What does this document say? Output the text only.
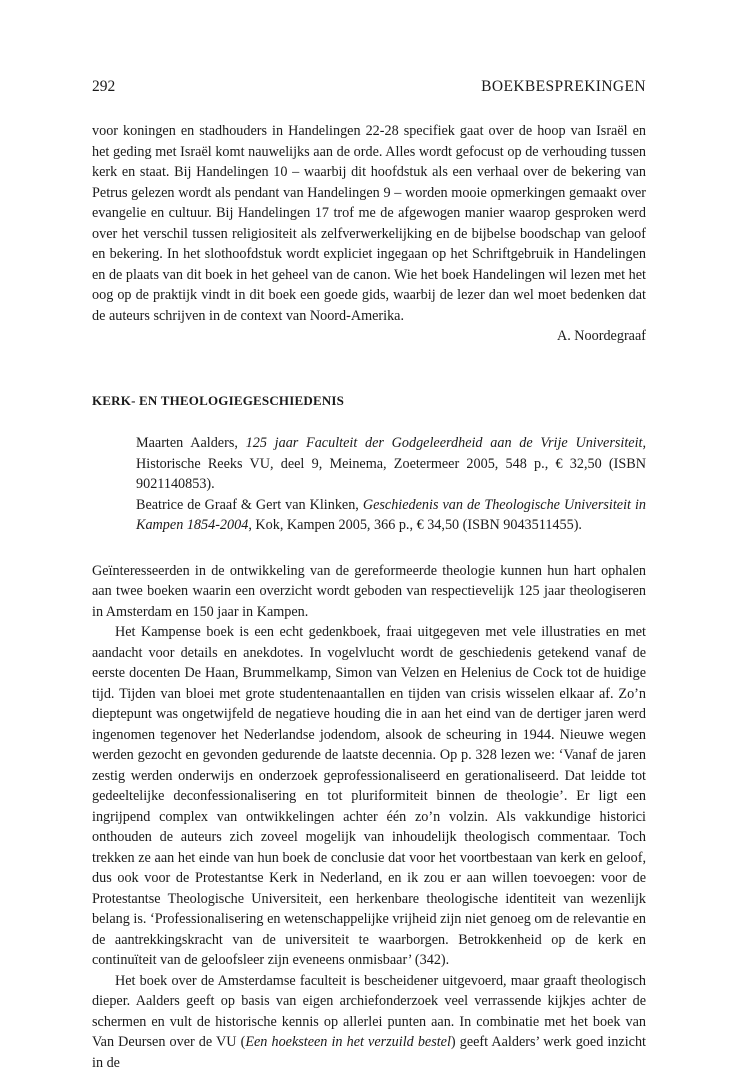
292	BOEKBESPREKINGEN

voor koningen en stadhouders in Handelingen 22-28 specifiek gaat over de hoop van Israël en het geding met Israël komt nauwelijks aan de orde. Alles wordt gefocust op de verhouding tussen kerk en staat. Bij Handelingen 10 – waarbij dit hoofdstuk als een verhaal over de bekering van Petrus gelezen wordt als pendant van Handelingen 9 – worden mooie opmerkingen gemaakt over evangelie en cultuur. Bij Handelingen 17 trof me de afgewogen manier waarop gesproken werd over het verschil tussen religiositeit als zelfverwerkelijking en de bijbelse boodschap van geloof en bekering. In het slothoofdstuk wordt expliciet ingegaan op het Schriftgebruik in Handelingen en de plaats van dit boek in het geheel van de canon. Wie het boek Handelingen wil lezen met het oog op de praktijk vindt in dit boek een goede gids, waarbij de lezer dan wel moet bedenken dat de auteurs schrijven in de context van Noord-Amerika.

A. Noordegraaf

KERK- EN THEOLOGIEGESCHIEDENIS

Maarten Aalders, 125 jaar Faculteit der Godgeleerdheid aan de Vrije Universiteit, Historische Reeks VU, deel 9, Meinema, Zoetermeer 2005, 548 p., € 32,50 (ISBN 9021140853).

Beatrice de Graaf & Gert van Klinken, Geschiedenis van de Theologische Universiteit in Kampen 1854-2004, Kok, Kampen 2005, 366 p., € 34,50 (ISBN 9043511455).

Geïnteresseerden in de ontwikkeling van de gereformeerde theologie kunnen hun hart ophalen aan twee boeken waarin een overzicht wordt geboden van respectievelijk 125 jaar theologiseren in Amsterdam en 150 jaar in Kampen.

Het Kampense boek is een echt gedenkboek, fraai uitgegeven met vele illustraties en met aandacht voor details en anekdotes. In vogelvlucht wordt de geschiedenis getekend vanaf de eerste docenten De Haan, Brummelkamp, Simon van Velzen en Helenius de Cock tot de huidige tijd. Tijden van bloei met grote studentenaantallen en tijden van crisis wisselen elkaar af. Zo’n dieptepunt was ongetwijfeld de negatieve houding die in aan het eind van de dertiger jaren werd ingenomen tegenover het Nederlandse jodendom, alsook de scheuring in 1944. Nieuwe wegen werden gezocht en gevonden gedurende de laatste decennia. Op p. 328 lezen we: ‘Vanaf de jaren zestig werden onderwijs en onderzoek geprofessionaliseerd en gerationaliseerd. Dat leidde tot gedeeltelijke deconfessionalisering en tot pluriformiteit binnen de theologie’. Er ligt een ingrijpend complex van ontwikkelingen achter één zo’n volzin. Als vakkundige historici onthouden de auteurs zich zoveel mogelijk van inhoudelijk theologisch commentaar. Toch trekken ze aan het einde van hun boek de conclusie dat voor het voortbestaan van kerk en geloof, dus ook voor de Protestantse Kerk in Nederland, en ik zou er aan willen toevoegen: voor de Protestantse Theologische Universiteit, een herkenbare theologische identiteit van wezenlijk belang is. ‘Professionalisering en wetenschappelijke vrijheid zijn niet genoeg om de relevantie en de aantrekkingskracht van de universiteit te waarborgen. Betrokkenheid op de kerk en continuïteit van de geloofsleer zijn eveneens onmisbaar’ (342).

Het boek over de Amsterdamse faculteit is bescheidener uitgevoerd, maar graaft theologisch dieper. Aalders geeft op basis van eigen archiefonderzoek veel verrassende kijkjes achter de schermen en vult de historische kennis op allerlei punten aan. In combinatie met het boek van Van Deursen over de VU (Een hoeksteen in het verzuild bestel) geeft Aalders’ werk goed inzicht in de
